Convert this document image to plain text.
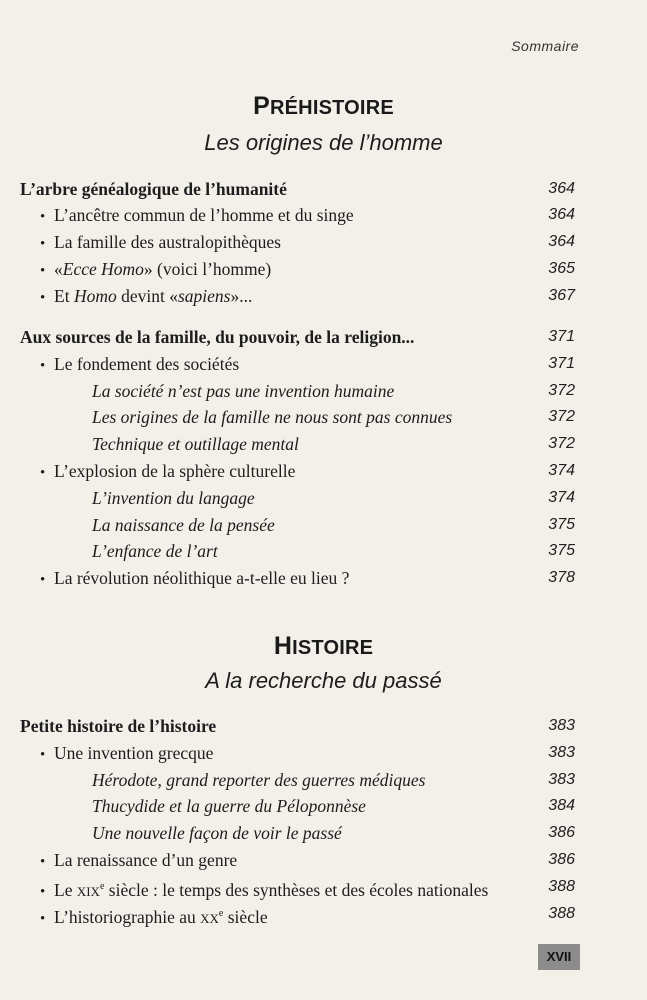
Sommaire
PRÉHISTOIRE
Les origines de l’homme
L’arbre généalogique de l’humanité	364
• L’ancêtre commun de l’homme et du singe	364
• La famille des australopithèques	364
• «Ecce Homo» (voici l’homme)	365
• Et Homo devint «sapiens»...	367
Aux sources de la famille, du pouvoir, de la religion...	371
• Le fondement des sociétés	371
La société n’est pas une invention humaine	372
Les origines de la famille ne nous sont pas connues	372
Technique et outillage mental	372
• L’explosion de la sphère culturelle	374
L’invention du langage	374
La naissance de la pensée	375
L’enfance de l’art	375
• La révolution néolithique a-t-elle eu lieu ?	378
HISTOIRE
A la recherche du passé
Petite histoire de l’histoire	383
• Une invention grecque	383
Hérodote, grand reporter des guerres médiques	383
Thucydide et la guerre du Péloponnèse	384
Une nouvelle façon de voir le passé	386
• La renaissance d’un genre	386
• Le XIXe siècle : le temps des synthèses et des écoles nationales	388
• L’historiographie au XXe siècle	388
XVII
